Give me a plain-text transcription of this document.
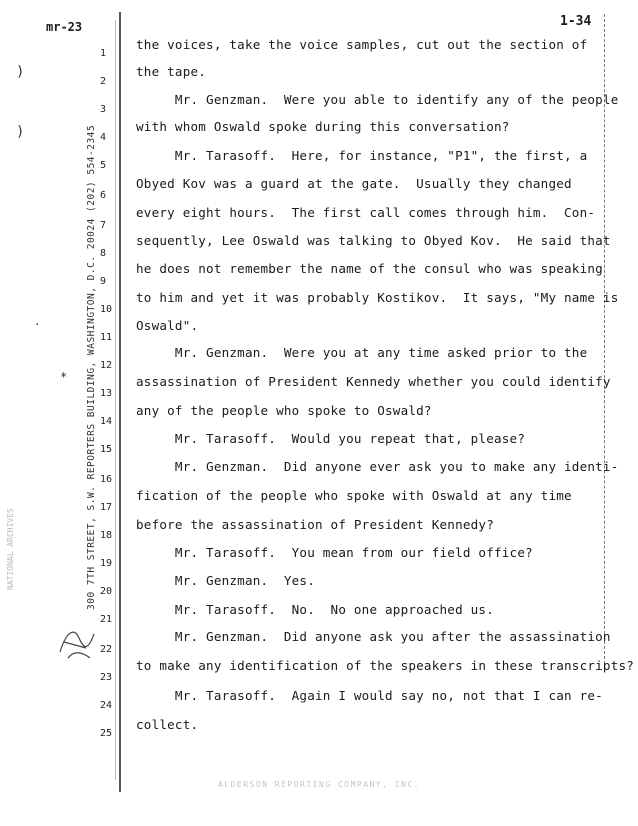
mr-23	1-34
300 7TH STREET, S.W. REPORTERS BUILDING, WASHINGTON, D.C. 20024 (202) 554-2345
NATIONAL ARCHIVES
1
2
3
4
5
6
7
8
9
10
11
12
13
14
15
16
17
18
19
20
21
22
23
24
25
the voices, take the voice samples, cut out the section of
the tape.
Mr. Genzman.  Were you able to identify any of the people
with whom Oswald spoke during this conversation?
Mr. Tarasoff.  Here, for instance, "P1", the first, a
Obyed Kov was a guard at the gate.  Usually they changed
every eight hours.  The first call comes through him.  Con-
sequently, Lee Oswald was talking to Obyed Kov.  He said that
he does not remember the name of the consul who was speaking
to him and yet it was probably Kostikov.  It says, "My name is
Oswald".
Mr. Genzman.  Were you at any time asked prior to the
assassination of President Kennedy whether you could identify
any of the people who spoke to Oswald?
Mr. Tarasoff.  Would you repeat that, please?
Mr. Genzman.  Did anyone ever ask you to make any identi-
fication of the people who spoke with Oswald at any time
before the assassination of President Kennedy?
Mr. Tarasoff.  You mean from our field office?
Mr. Genzman.  Yes.
Mr. Tarasoff.  No.  No one approached us.
Mr. Genzman.  Did anyone ask you after the assassination
to make any identification of the speakers in these transcripts?
Mr. Tarasoff.  Again I would say no, not that I can re-
collect.
)
)
·
*
ALDERSON REPORTING COMPANY, INC.
